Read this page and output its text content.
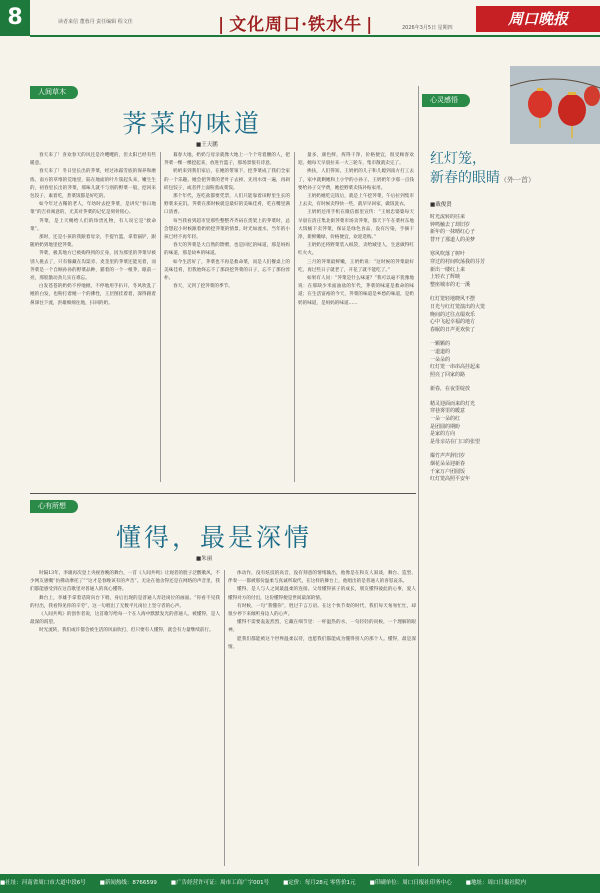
8	读者来信 董蓉丹 责任编辑 程文佳	| 文化周口·铁水牛 |	2026年3月5日 星期四	周口晚报
人间草木
荠菜的味道
■王天鹏

春天来了！喜欢春天的风还是冷飕飕的，但太阳已经有些暖意。

春天来了！冬日里长出的荠菜，经过冰霜雪底的保养和磨炼，南方的草堆的荒地里，陆在地面的叶片簇起头来，嫩生生的，初春里长出的荠菜，那味儿就不与别的野菜一般，挖回来包饺子，素着吃，煮菜饭都是好吃的。

如今年过古稀的老人，年幼时去挖荠菜，是讲究“春日地菜”的吉祥寓意的，尤其对荠菜的记忆是刻骨铭心。

荠菜，是上天赐给人们的珍贵礼物，有人说它是“救命菜”。

那时，还是小孩的我跟着母亲，手提竹篮，拿着锅铲，跟随奶奶到地里挖荠菜。

荠菜，极其地方已被掏得到的丘身，因为那里的荠菜早被别人挑去了，只有躲藏在沟渠旁、麦垄里的荠菜还能见着，而荠菜是一个自顾孙孙的野菜品种，猫着的一个一根荠，眼前一亮，那股激动劲儿实在难忘。

白发苍苍的奶奶不停地掀，不停地用手扒开，冬风吹乱了她的白发，也粉打着她一个的佛性，王层图挂着着，深得跟着鼻涕往下流，洪雄细绵往地，扫回的奶。

暮春大地，奶奶与母亲就像大地上一个个弯着腰的人，把荠菜一棵一棵挖起来，放进竹篮子，那场景很有诗意。

奶奶来到我们家后，在她的带领下，挖荠菜成了我们全家的一个乐趣。她会把荠菜的老叶子去掉，先用水烫一遍，再剁碎包饺子，或者拌上面粉蒸成菜饭。

那个年代，连吃盐都要凭票，人们只能靠着田野里生长的野菜来充饥。荠菜在那时候就是最好的美味佳肴，吃在嘴里满口清香。

每当我看到超市里那些整整齐齐码在货架上的荠菜时，总会想起小时候跟着奶奶挖荠菜的情景。时光如流水，当年的小孩已经不再年轻。

春天的荠菜是大自然的馈赠，也是回忆的味道，那是妈妈的味道，那是故乡的味道。

如今生活好了，荠菜也不再是救命菜，而是人们餐桌上的美味佳肴，但我始终忘不了那段挖荠菜的日子，忘不了那份淳朴。

春天，又到了挖荠菜的季节。

量多，颜色鲜，挥得干净，价格便宜，很受顾客欢迎。她每天早晨拉来一大三轮车，集市散就卖完了。

挨扶，人们得知，王奶奶的儿子和儿媳到南方打工去了，家中就剩她和上小学的小孙子。王奶奶年少那一点钱要给孙子交学费，她挖野菜卖钱补贴家用。

王奶奶她吃完饭后，就是上午挖荠菜，午后拉到集市上去卖，有时候卖得快一些，就早早回家，做饭洗衣。

王奶奶还用手机在微信群里宣传：“王姐忠婆婆每天早晨在清庄集北街荠菜市场卖荠菜，都天下午在菜村东地大饭桶下卖荠菜，保证是绿色食品，没有污染，手摘干净，新鲜嫩绿，价格便宜，欢迎选购。”

王奶奶还将野菜装入纸袋，卖给城里人，生意做得红红火火。

三月的荠菜最鲜嫩，王奶奶说：“这时候的荠菜最好吃，再过些日子就老了，开花了就不能吃了。”

如果有人问：“荠菜是什么味道？”我可以毫不犹豫地说：在那缺少米面油盐的年代，荠菜的味道是救命的味道；在生活富裕的今天，荠菜的味道是乡愁的味道，是奶奶的味道，是妈妈的味道……

心有所想
懂得，最是深情
■朱丽

时隔13年，李雄再次登上央视春晚的舞台，一首《人间共鸣》让观者的脸子泛酸歌风，不少网友感慨“仿佛动摩托了”“这才是春晚该有的声音”。无论在他舍得还是在网络的声音里，我们都能感受到在这首歌里对普通人的真心懂得。

舞台上，李雄手拿着话筒向台下唱，身后出现的是普通人奔赴岗位的画面。“你看不见我的付出，我看得见你的辛劳”，这一句唱出了无数平凡岗位上坚守者的心声。

《人间共鸣》的创作者说，这首歌写给每一个在人海中默默发光的普通人。被懂得，是人最深的渴望。

时光流转，我们或许都会被生活的风雨吹打，但只要有人懂得，就会有力量继续前行。

体动作，没有炫技的高音，没有刻意的情绪输出，他像是在和友人叙谈，舞台、造型、伴奏一一都被那份温柔与真诚所取代，在这样的舞台上，他唱出的是普通人的喜怒哀乐。

懂得，是人与人之间最温柔的连接。父母懂得孩子的成长，朋友懂得彼此的心事，爱人懂得对方的付出，这份懂得便是世间最深的情。

有时候，一句“我懂你”，胜过千言万语。在这个快节奏的时代，我们每天匆匆忙忙，却很少停下来倾听身边人的心声。

懂得不需要轰轰烈烈，它藏在细节里：一杯温热的水，一句轻轻的问候，一个理解的眼神。

愿我们都能被这个世界温柔以待，也愿我们都能成为懂得别人的那个人。懂得，最是深情。

心灵感悟
红灯笼，
新春的眼睛（外一首）
■戴俊贤
时光流转的往来
钟鸣触去了却旧岁
新年的一抹晴红心子
替开了那道人的美梦
寒风吹落了树叶
穿过的村间吹荡我的芬芳
新出一缕红上来
上轻衣了辉映
整座城市的无一溪
红灯笼轻地晓风不摆
日光与红灯笼演出的大笼
晚间的过往点缀欢乐
心中飞起幸福的地方
春眠的日声更欢快了
一颗颗的
一道道的
一朵朵的
红灯笼一串串高挂起来
照亮了回家的路
新春，在夜里绽放
精灵迎面而来的灯光
穿巷雾里的暖意
一朵一朵的红
是团圆的期盼
是家的方向
是母亲站在门口的张望
爆竹声声辞旧岁
烟花朵朵迎新春
千家万户团圆饭
红灯笼高照平安年
■社址：河南省周口市大道中段6号	■新闻热线：8766599	■广告经营许可证：周市工商广字001号	■定价：每月28元 零售价1元	■印刷单位：周口日报社印务中心	■地址：周口日报社院内
